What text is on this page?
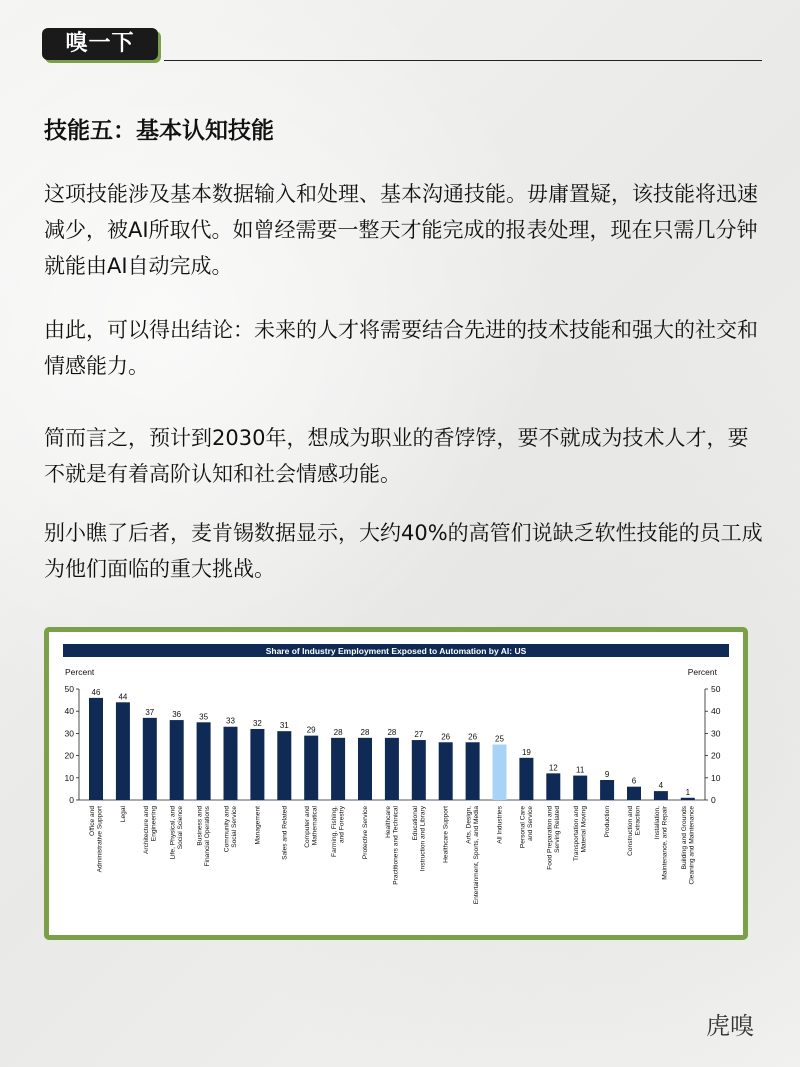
嗅一下
技能五：基本认知技能

这项技能涉及基本数据输入和处理、基本沟通技能。毋庸置疑，该技能将迅速减少，被AI所取代。如曾经需要一整天才能完成的报表处理，现在只需几分钟就能由AI自动完成。

由此，可以得出结论：未来的人才将需要结合先进的技术技能和强大的社交和情感能力。

简而言之，预计到2030年，想成为职业的香饽饽，要不就成为技术人才，要不就是有着高阶认知和社会情感功能。

别小瞧了后者，麦肯锡数据显示，大约40%的高管们说缺乏软性技能的员工成为他们面临的重大挑战。

Share of Industry Employment Exposed to Automation by AI: US
Percent	Percent
0	0
10	10
20	20
30	30
40	40
50	50
46
Office andAdministrative Support
44
Legal
37
Architecture andEngineering
36
Life, Physical, andSocial Science
35
Business andFinancial Operations
33
Community andSocial Service
32
Management
31
Sales and Related
29
Computer andMathematical
28
Farming, Fishing,and Forestry
28
Protective Service
28
HealthcarePractitioners and Technical
27
EducationalInstruction and Library
26
Healthcare Support
26
Arts, Design,Entertainment, Sports, and Media
25
All Industries
19
Personal Careand Service
12
Food Preparation andServing Related
11
Transportation andMaterial Moving
9
Production
6
Construction andExtraction
4
Installation,Maintenance, and Repair
1
Building and GroundsCleaning and Maintenance
虎嗅
